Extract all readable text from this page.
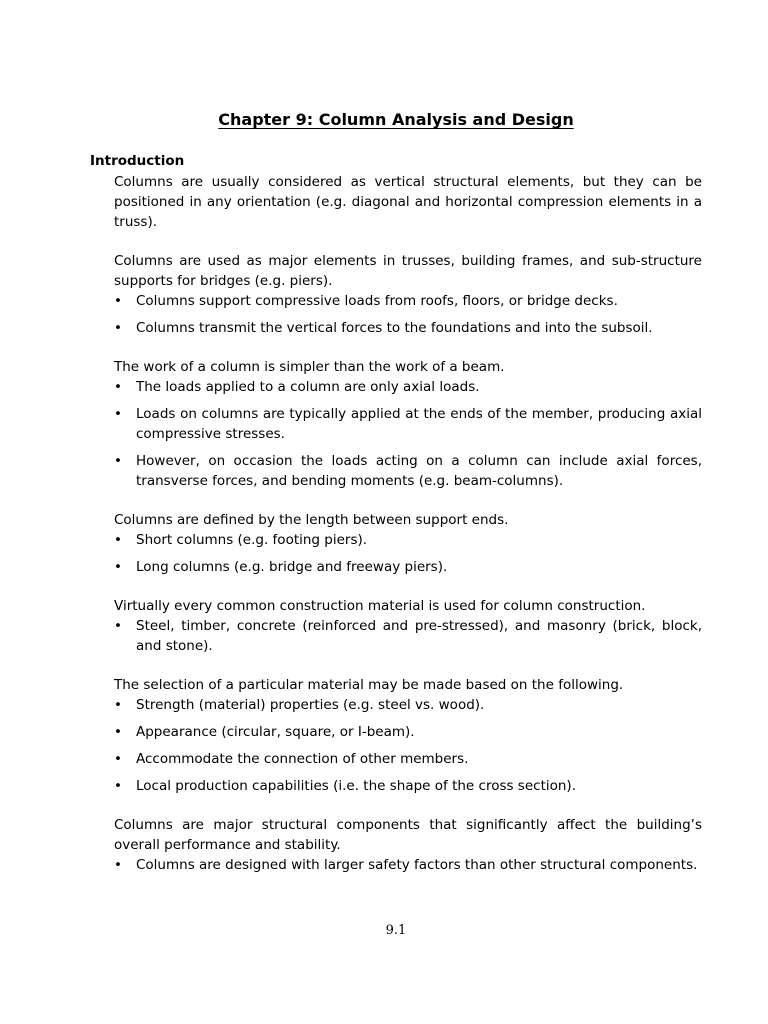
Chapter 9: Column Analysis and Design
Introduction

Columns are usually considered as vertical structural elements, but they can be positioned in any orientation (e.g. diagonal and horizontal compression elements in a truss).

Columns are used as major elements in trusses, building frames, and sub-structure supports for bridges (e.g. piers).

• Columns support compressive loads from roofs, floors, or bridge decks.
• Columns transmit the vertical forces to the foundations and into the subsoil.

The work of a column is simpler than the work of a beam.

• The loads applied to a column are only axial loads.
• Loads on columns are typically applied at the ends of the member, producing axial compressive stresses.
• However, on occasion the loads acting on a column can include axial forces, transverse forces, and bending moments (e.g. beam-columns).

Columns are defined by the length between support ends.

• Short columns (e.g. footing piers).
• Long columns (e.g. bridge and freeway piers).

Virtually every common construction material is used for column construction.

• Steel, timber, concrete (reinforced and pre-stressed), and masonry (brick, block, and stone).

The selection of a particular material may be made based on the following.

• Strength (material) properties (e.g. steel vs. wood).
• Appearance (circular, square, or I-beam).
• Accommodate the connection of other members.
• Local production capabilities (i.e. the shape of the cross section).

Columns are major structural components that significantly affect the building’s overall performance and stability.

• Columns are designed with larger safety factors than other structural components.
9.1
